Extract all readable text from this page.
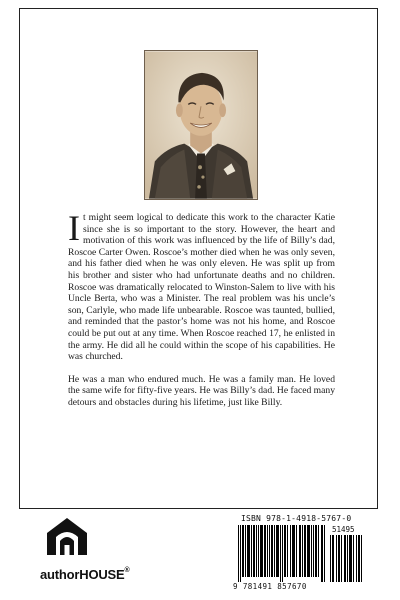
It might seem logical to dedicate this work to the character Katie since she is so important to the story. However, the heart and motivation of this work was influenced by the life of Billy’s dad, Roscoe Carter Owen. Roscoe’s mother died when he was only seven, and his father died when he was only eleven. He was split up from his brother and sister who had unfortunate deaths and no children. Roscoe was dramatically relocated to Winston-Salem to live with his Uncle Berta, who was a Minister. The real problem was his uncle’s son, Carlyle, who made life unbearable. Roscoe was taunted, bullied, and reminded that the pastor’s home was not his home, and Roscoe could be put out at any time. When Roscoe reached 17, he enlisted in the army. He did all he could within the scope of his capabilities. He was churched.

He was a man who endured much. He was a family man. He loved the same wife for fifty-five years. He was Billy’s dad. He faced many detours and obstacles during his lifetime, just like Billy.

authorHOUSE®
ISBN 978-1-4918-5767-0
51495
9 781491 857670
